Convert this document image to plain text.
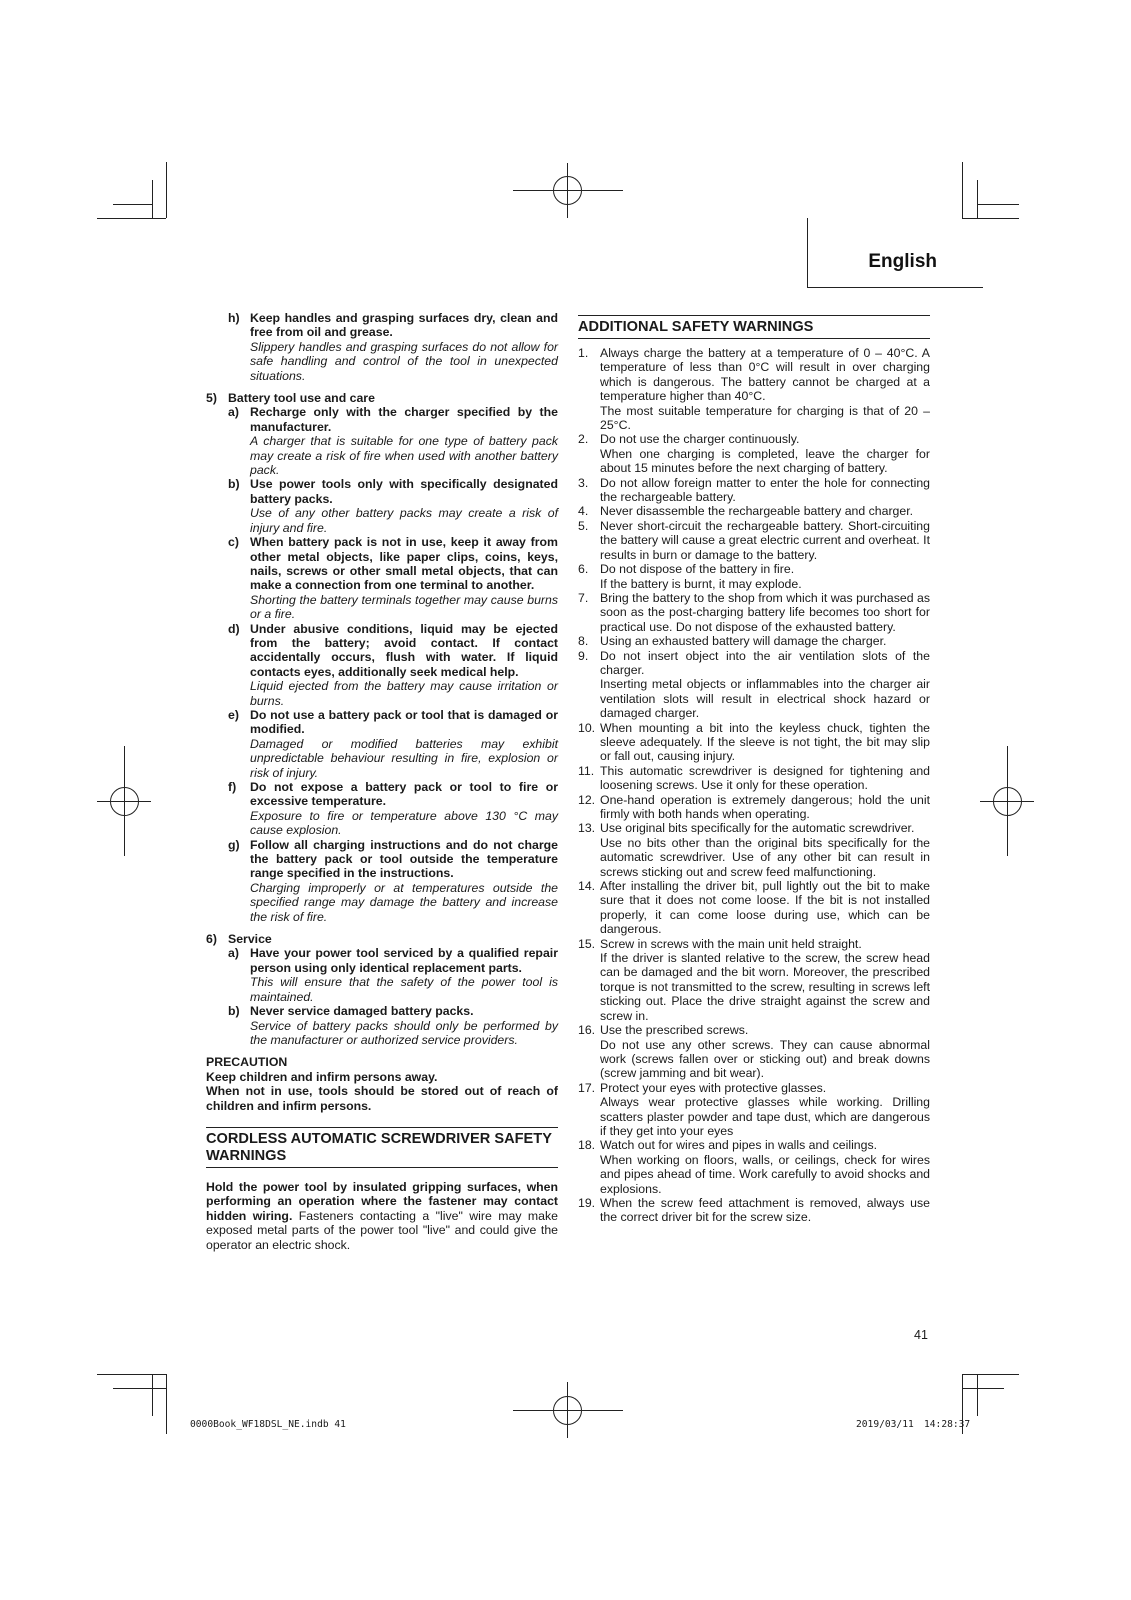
English
h) Keep handles and grasping surfaces dry, clean and free from oil and grease.
Slippery handles and grasping surfaces do not allow for safe handling and control of the tool in unexpected situations.
5) Battery tool use and care
a) Recharge only with the charger specified by the manufacturer.
A charger that is suitable for one type of battery pack may create a risk of fire when used with another battery pack.
b) Use power tools only with specifically designated battery packs.
Use of any other battery packs may create a risk of injury and fire.
c) When battery pack is not in use, keep it away from other metal objects, like paper clips, coins, keys, nails, screws or other small metal objects, that can make a connection from one terminal to another.
Shorting the battery terminals together may cause burns or a fire.
d) Under abusive conditions, liquid may be ejected from the battery; avoid contact. If contact accidentally occurs, flush with water. If liquid contacts eyes, additionally seek medical help.
Liquid ejected from the battery may cause irritation or burns.
e) Do not use a battery pack or tool that is damaged or modified.
Damaged or modified batteries may exhibit unpredictable behaviour resulting in fire, explosion or risk of injury.
f)	Do not expose a battery pack or tool to fire or excessive temperature.
Exposure to fire or temperature above 130 °C may cause explosion.
g) Follow all charging instructions and do not charge the battery pack or tool outside the temperature range specified in the instructions.
Charging improperly or at temperatures outside the specified range may damage the battery and increase the risk of fire.
6) Service
a) Have your power tool serviced by a qualified repair person using only identical replacement parts.
This will ensure that the safety of the power tool is maintained.
b) Never service damaged battery packs.
Service of battery packs should only be performed by the manufacturer or authorized service providers.
PRECAUTION
Keep children and infirm persons away.
When not in use, tools should be stored out of reach of children and infirm persons.
CORDLESS AUTOMATIC SCREWDRIVER SAFETY WARNINGS
Hold the power tool by insulated gripping surfaces, when performing an operation where the fastener may contact hidden wiring. Fasteners contacting a "live" wire may make exposed metal parts of the power tool "live" and could give the operator an electric shock.
ADDITIONAL SAFETY WARNINGS
1. Always charge the battery at a temperature of 0 – 40°C. A temperature of less than 0°C will result in over charging which is dangerous. The battery cannot be charged at a temperature higher than 40°C.
The most suitable temperature for charging is that of 20 – 25°C.
2. Do not use the charger continuously.
When one charging is completed, leave the charger for about 15 minutes before the next charging of battery.
3. Do not allow foreign matter to enter the hole for connecting the rechargeable battery.
4. Never disassemble the rechargeable battery and charger.
5. Never short-circuit the rechargeable battery. Short-circuiting the battery will cause a great electric current and overheat. It results in burn or damage to the battery.
6. Do not dispose of the battery in fire.
If the battery is burnt, it may explode.
7. Bring the battery to the shop from which it was purchased as soon as the post-charging battery life becomes too short for practical use. Do not dispose of the exhausted battery.
8. Using an exhausted battery will damage the charger.
9. Do not insert object into the air ventilation slots of the charger.
Inserting metal objects or inflammables into the charger air ventilation slots will result in electrical shock hazard or damaged charger.
10. When mounting a bit into the keyless chuck, tighten the sleeve adequately. If the sleeve is not tight, the bit may slip or fall out, causing injury.
11. This automatic screwdriver is designed for tightening and loosening screws. Use it only for these operation.
12. One-hand operation is extremely dangerous; hold the unit firmly with both hands when operating.
13. Use original bits specifically for the automatic screwdriver.
Use no bits other than the original bits specifically for the automatic screwdriver. Use of any other bit can result in screws sticking out and screw feed malfunctioning.
14. After installing the driver bit, pull lightly out the bit to make sure that it does not come loose. If the bit is not installed properly, it can come loose during use, which can be dangerous.
15. Screw in screws with the main unit held straight.
If the driver is slanted relative to the screw, the screw head can be damaged and the bit worn. Moreover, the prescribed torque is not transmitted to the screw, resulting in screws left sticking out. Place the drive straight against the screw and screw in.
16. Use the prescribed screws.
Do not use any other screws. They can cause abnormal work (screws fallen over or sticking out) and break downs (screw jamming and bit wear).
17. Protect your eyes with protective glasses.
Always wear protective glasses while working. Drilling scatters plaster powder and tape dust, which are dangerous if they get into your eyes
18. Watch out for wires and pipes in walls and ceilings.
When working on floors, walls, or ceilings, check for wires and pipes ahead of time. Work carefully to avoid shocks and explosions.
19. When the screw feed attachment is removed, always use the correct driver bit for the screw size.
41
0000Book_WF18DSL_NE.indb 41	2019/03/11 14:28:37
